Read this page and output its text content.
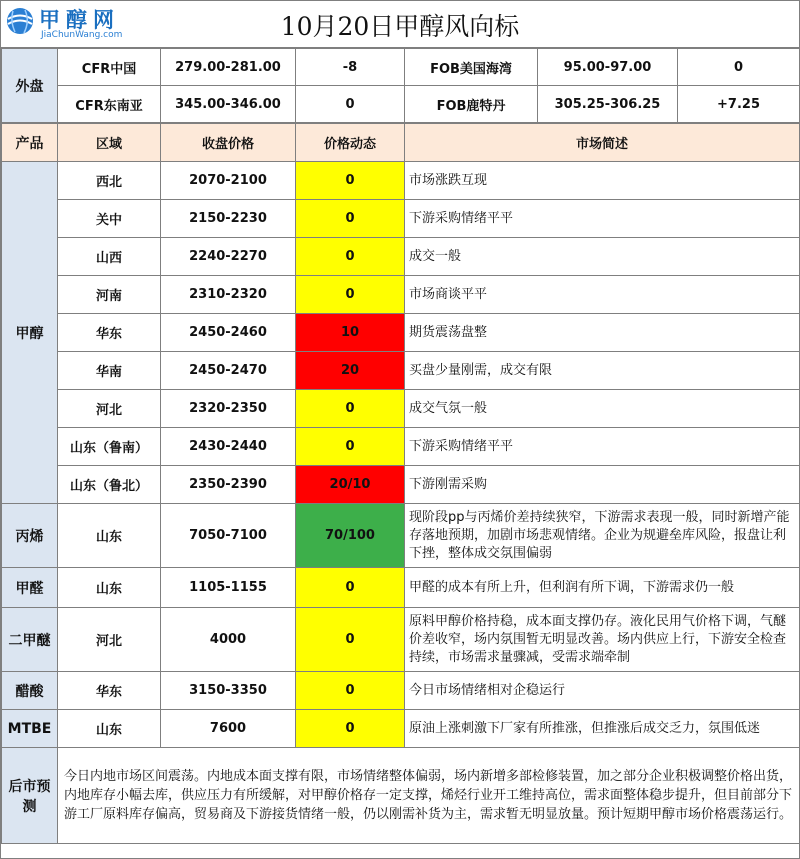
甲醇网
JiaChunWang.com	10月20日甲醇风向标
外盘	CFR中国	279.00-281.00	-8	FOB美国海湾	95.00-97.00	0
	CFR东南亚	345.00-346.00	0	FOB鹿特丹	305.25-306.25	+7.25
产品	区域	收盘价格	价格动态	市场简述
甲醇	西北	2070-2100	0	市场涨跌互现
	关中	2150-2230	0	下游采购情绪平平
	山西	2240-2270	0	成交一般
	河南	2310-2320	0	市场商谈平平
	华东	2450-2460	10	期货震荡盘整
	华南	2450-2470	20	买盘少量刚需，成交有限
	河北	2320-2350	0	成交气氛一般
	山东（鲁南）	2430-2440	0	下游采购情绪平平
	山东（鲁北）	2350-2390	20/10	下游刚需采购
丙烯	山东	7050-7100	70/100	现阶段pp与丙烯价差持续狭窄，下游需求表现一般，同时新增产能存落地预期，加剧市场悲观情绪。企业为规避垒库风险，报盘让利下挫，整体成交氛围偏弱
甲醛	山东	1105-1155	0	甲醛的成本有所上升，但利润有所下调，下游需求仍一般
二甲醚	河北	4000	0	原料甲醇价格持稳，成本面支撑仍存。液化民用气价格下调，气醚价差收窄，场内氛围暂无明显改善。场内供应上行，下游安全检查持续，市场需求量骤减，受需求端牵制
醋酸	华东	3150-3350	0	今日市场情绪相对企稳运行
MTBE	山东	7600	0	原油上涨刺激下厂家有所推涨，但推涨后成交乏力，氛围低迷
后市预测	今日内地市场区间震荡。内地成本面支撑有限，市场情绪整体偏弱，场内新增多部检修装置，加之部分企业积极调整价格出货，内地库存小幅去库，供应压力有所缓解，对甲醇价格存一定支撑，烯烃行业开工维持高位，需求面整体稳步提升，但目前部分下游工厂原料库存偏高，贸易商及下游接货情绪一般，仍以刚需补货为主，需求暂无明显放量。预计短期甲醇市场价格震荡运行。			
